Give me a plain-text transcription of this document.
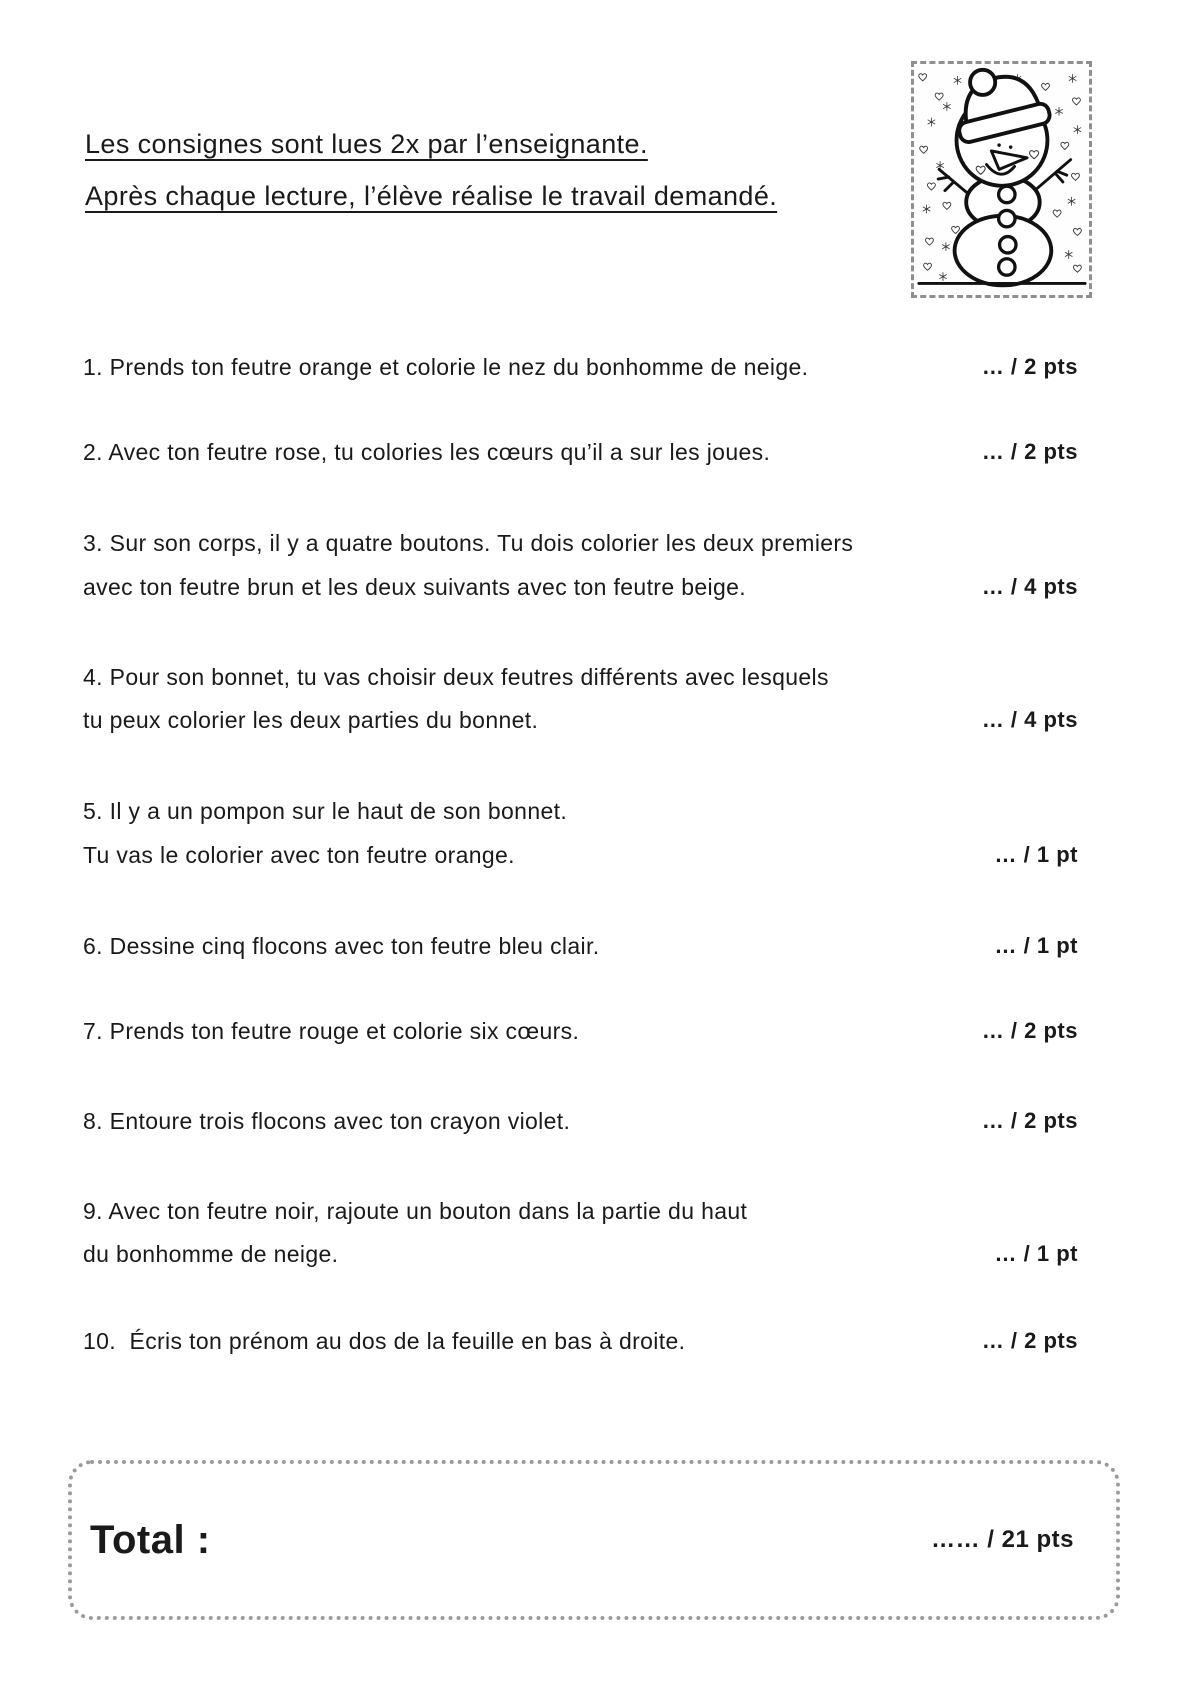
Les consignes sont lues 2x par l’enseignante.
Après chaque lecture, l’élève réalise le travail demandé.
1. Prends ton feutre orange et colorie le nez du bonhomme de neige.	… / 2 pts
2. Avec ton feutre rose, tu colories les cœurs qu’il a sur les joues.	… / 2 pts
3. Sur son corps, il y a quatre boutons. Tu dois colorier les deux premiers
avec ton feutre brun et les deux suivants avec ton feutre beige.	… / 4 pts
4. Pour son bonnet, tu vas choisir deux feutres différents avec lesquels
tu peux colorier les deux parties du bonnet.	… / 4 pts
5. Il y a un pompon sur le haut de son bonnet.
Tu vas le colorier avec ton feutre orange.	… / 1 pt
6. Dessine cinq flocons avec ton feutre bleu clair.	… / 1 pt
7. Prends ton feutre rouge et colorie six cœurs.	… / 2 pts
8. Entoure trois flocons avec ton crayon violet.	… / 2 pts
9. Avec ton feutre noir, rajoute un bouton dans la partie du haut
du bonhomme de neige.	… / 1 pt
10.  Écris ton prénom au dos de la feuille en bas à droite.	… / 2 pts
Total :	…… / 21 pts
